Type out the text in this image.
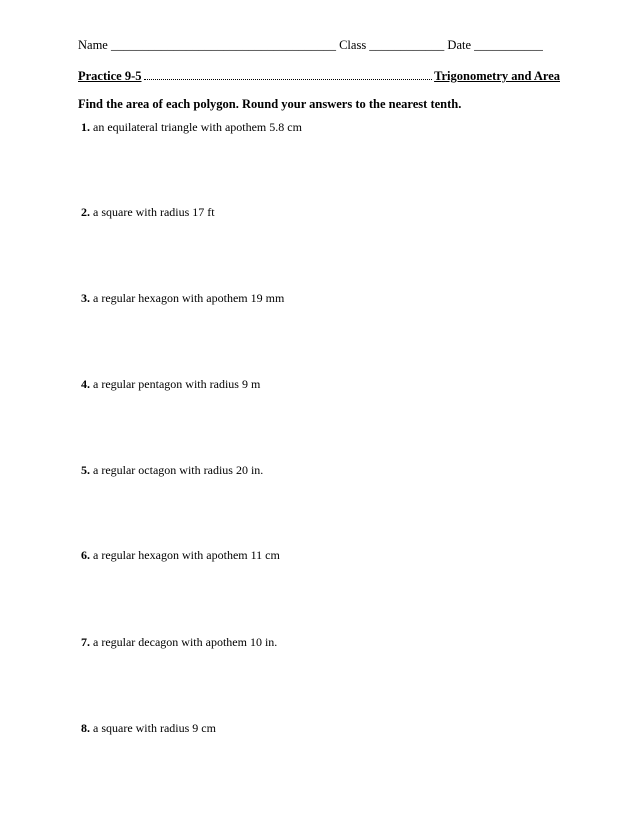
Name ____________________________________ Class ____________ Date ___________
Practice 9-5	Trigonometry and Area
Find the area of each polygon. Round your answers to the nearest tenth.
1. an equilateral triangle with apothem 5.8 cm
2. a square with radius 17 ft
3. a regular hexagon with apothem 19 mm
4. a regular pentagon with radius 9 m
5. a regular octagon with radius 20 in.
6. a regular hexagon with apothem 11 cm
7. a regular decagon with apothem 10 in.
8. a square with radius 9 cm
